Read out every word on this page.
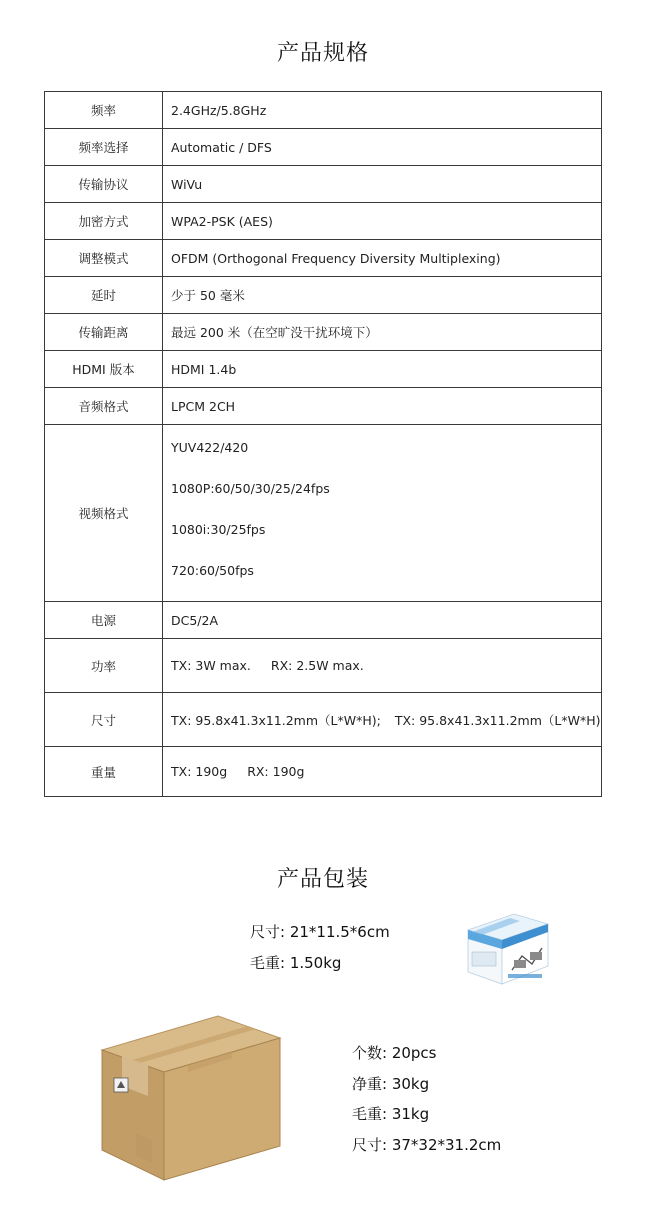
产品规格
频率	2.4GHz/5.8GHz
频率选择	Automatic / DFS
传输协议	WiVu
加密方式	WPA2-PSK (AES)
调整模式	OFDM (Orthogonal Frequency Diversity Multiplexing)
延时	少于 50 毫米
传输距离	最远 200 米（在空旷没干扰环境下）
HDMI 版本	HDMI 1.4b
音频格式	LPCM 2CH
视频格式	YUV422/420
1080P:60/50/30/25/24fps
1080i:30/25fps
720:60/50fps

电源	DC5/2A
功率	TX: 3W max. RX: 2.5W max.
尺寸	TX: 95.8x41.3x11.2mm（L*W*H); TX: 95.8x41.3x11.2mm（L*W*H)
重量	TX: 190g RX: 190g
产品包装
尺寸: 21*11.5*6cm
毛重: 1.50kg
个数: 20pcs
净重: 30kg
毛重: 31kg
尺寸: 37*32*31.2cm
